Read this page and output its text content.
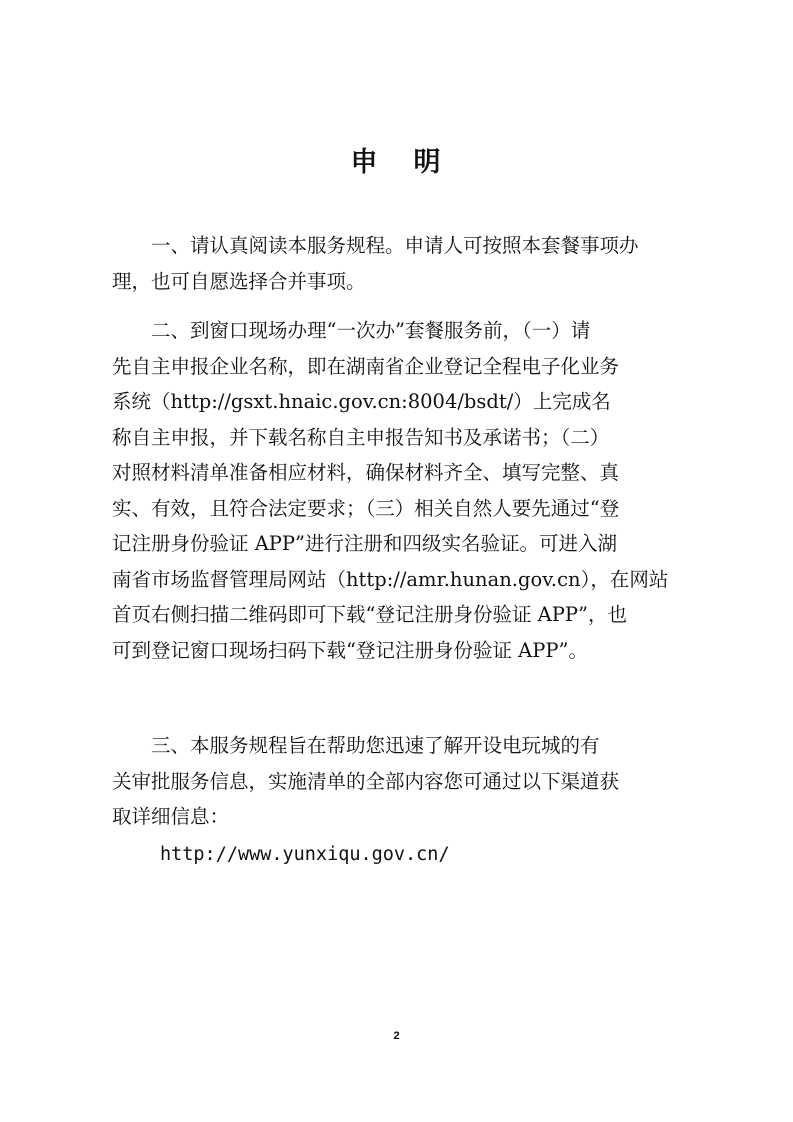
申 明

一、请认真阅读本服务规程。申请人可按照本套餐事项办
理，也可自愿选择合并事项。

二、到窗口现场办理“一次办”套餐服务前，（一）请
先自主申报企业名称，即在湖南省企业登记全程电子化业务
系统（http://gsxt.hnaic.gov.cn:8004/bsdt/）上完成名
称自主申报，并下载名称自主申报告知书及承诺书；（二）
对照材料清单准备相应材料，确保材料齐全、填写完整、真
实、有效，且符合法定要求；（三）相关自然人要先通过“登
记注册身份验证 APP”进行注册和四级实名验证。可进入湖
南省市场监督管理局网站（http://amr.hunan.gov.cn），在网站
首页右侧扫描二维码即可下载“登记注册身份验证 APP”，也
可到登记窗口现场扫码下载“登记注册身份验证 APP”。

三、本服务规程旨在帮助您迅速了解开设电玩城的有
关审批服务信息，实施清单的全部内容您可通过以下渠道获
取详细信息：

http://www.yunxiqu.gov.cn/
2
